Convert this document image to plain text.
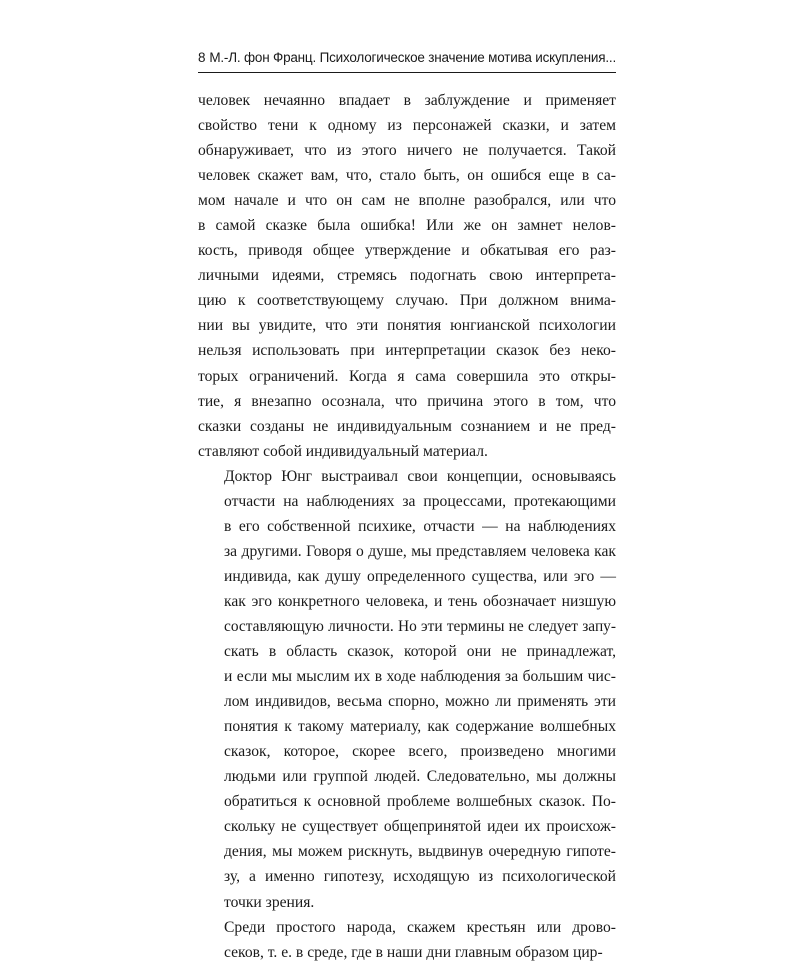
8 М.-Л. фон Франц. Психологическое значение мотива искупления...
человек нечаянно впадает в заблуждение и применяет
свойство тени к одному из персонажей сказки, и затем
обнаруживает, что из этого ничего не получается. Такой
человек скажет вам, что, стало быть, он ошибся еще в са-
мом начале и что он сам не вполне разобрался, или что
в самой сказке была ошибка! Или же он замнет нелов-
кость, приводя общее утверждение и обкатывая его раз-
личными идеями, стремясь подогнать свою интерпрета-
цию к соответствующему случаю. При должном внима-
нии вы увидите, что эти понятия юнгианской психологии
нельзя использовать при интерпретации сказок без неко-
торых ограничений. Когда я сама совершила это откры-
тие, я внезапно осознала, что причина этого в том, что
сказки созданы не индивидуальным сознанием и не пред-
ставляют собой индивидуальный материал.
Доктор Юнг выстраивал свои концепции, основываясь
отчасти на наблюдениях за процессами, протекающими
в его собственной психике, отчасти — на наблюдениях
за другими. Говоря о душе, мы представляем человека как
индивида, как душу определенного существа, или эго —
как эго конкретного человека, и тень обозначает низшую
составляющую личности. Но эти термины не следует запу-
скать в область сказок, которой они не принадлежат,
и если мы мыслим их в ходе наблюдения за большим чис-
лом индивидов, весьма спорно, можно ли применять эти
понятия к такому материалу, как содержание волшебных
сказок, которое, скорее всего, произведено многими
людьми или группой людей. Следовательно, мы должны
обратиться к основной проблеме волшебных сказок. По-
скольку не существует общепринятой идеи их происхож-
дения, мы можем рискнуть, выдвинув очередную гипоте-
зу, а именно гипотезу, исходящую из психологической
точки зрения.
Среди простого народа, скажем крестьян или дрово-
секов, т. е. в среде, где в наши дни главным образом цир-
